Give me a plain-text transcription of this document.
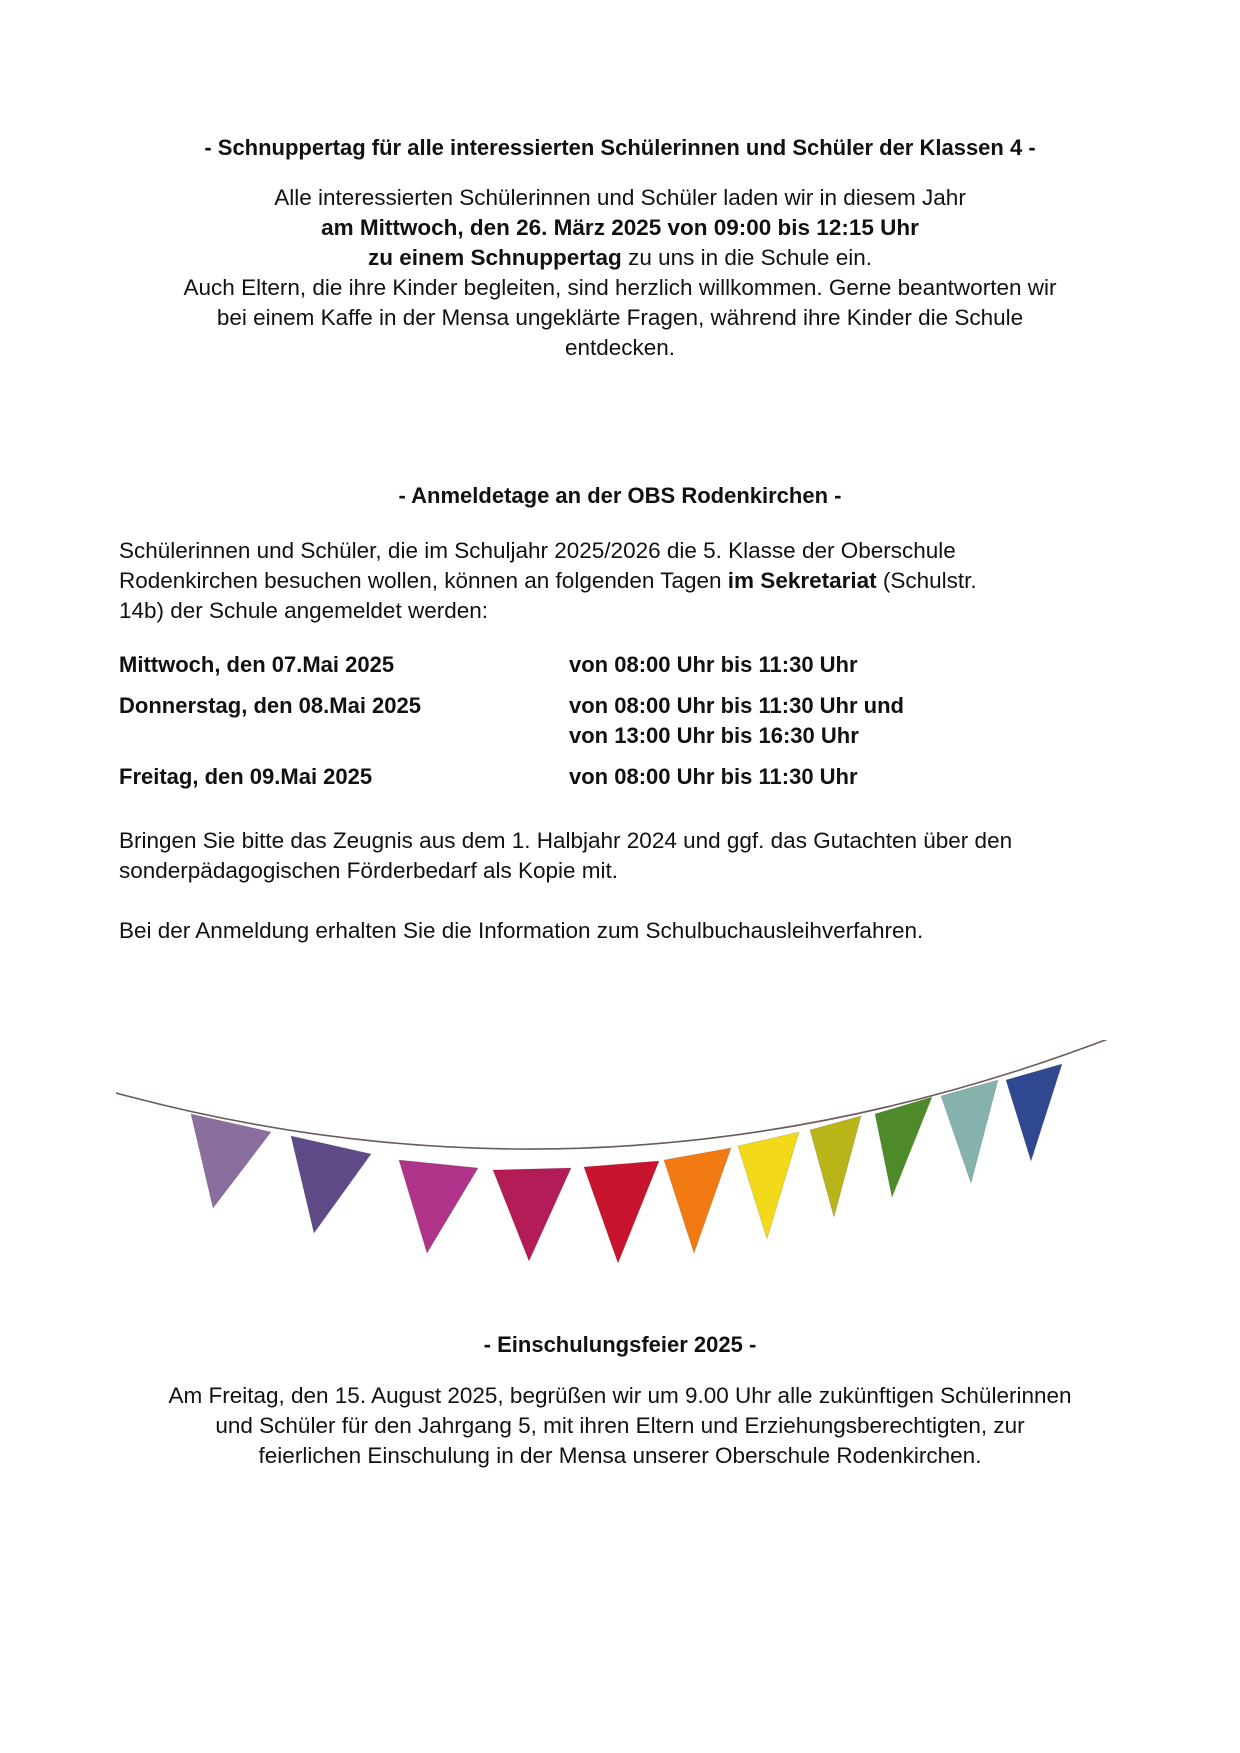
- Schnuppertag für alle interessierten Schülerinnen und Schüler der Klassen 4 -

Alle interessierten Schülerinnen und Schüler laden wir in diesem Jahr

am Mittwoch, den 26. März 2025 von 09:00 bis 12:15 Uhr

zu einem Schnuppertag zu uns in die Schule ein.

Auch Eltern, die ihre Kinder begleiten, sind herzlich willkommen. Gerne beantworten wir

bei einem Kaffe in der Mensa ungeklärte Fragen, während ihre Kinder die Schule

entdecken.

- Anmeldetage an der OBS Rodenkirchen -

Schülerinnen und Schüler, die im Schuljahr 2025/2026 die 5. Klasse der Oberschule

Rodenkirchen besuchen wollen, können an folgenden Tagen im Sekretariat (Schulstr.

14b) der Schule angemeldet werden:

Mittwoch, den 07.Mai 2025	von 08:00 Uhr bis 11:30 Uhr
Donnerstag, den 08.Mai 2025	von 08:00 Uhr bis 11:30 Uhr und
von 13:00 Uhr bis 16:30 Uhr
Freitag, den 09.Mai 2025	von 08:00 Uhr bis 11:30 Uhr

Bringen Sie bitte das Zeugnis aus dem 1. Halbjahr 2024 und ggf. das Gutachten über den

sonderpädagogischen Förderbedarf als Kopie mit.

Bei der Anmeldung erhalten Sie die Information zum Schulbuchausleihverfahren.

- Einschulungsfeier 2025 -

Am Freitag, den 15. August 2025, begrüßen wir um 9.00 Uhr alle zukünftigen Schülerinnen

und Schüler für den Jahrgang 5, mit ihren Eltern und Erziehungsberechtigten, zur

feierlichen Einschulung in der Mensa unserer Oberschule Rodenkirchen.
